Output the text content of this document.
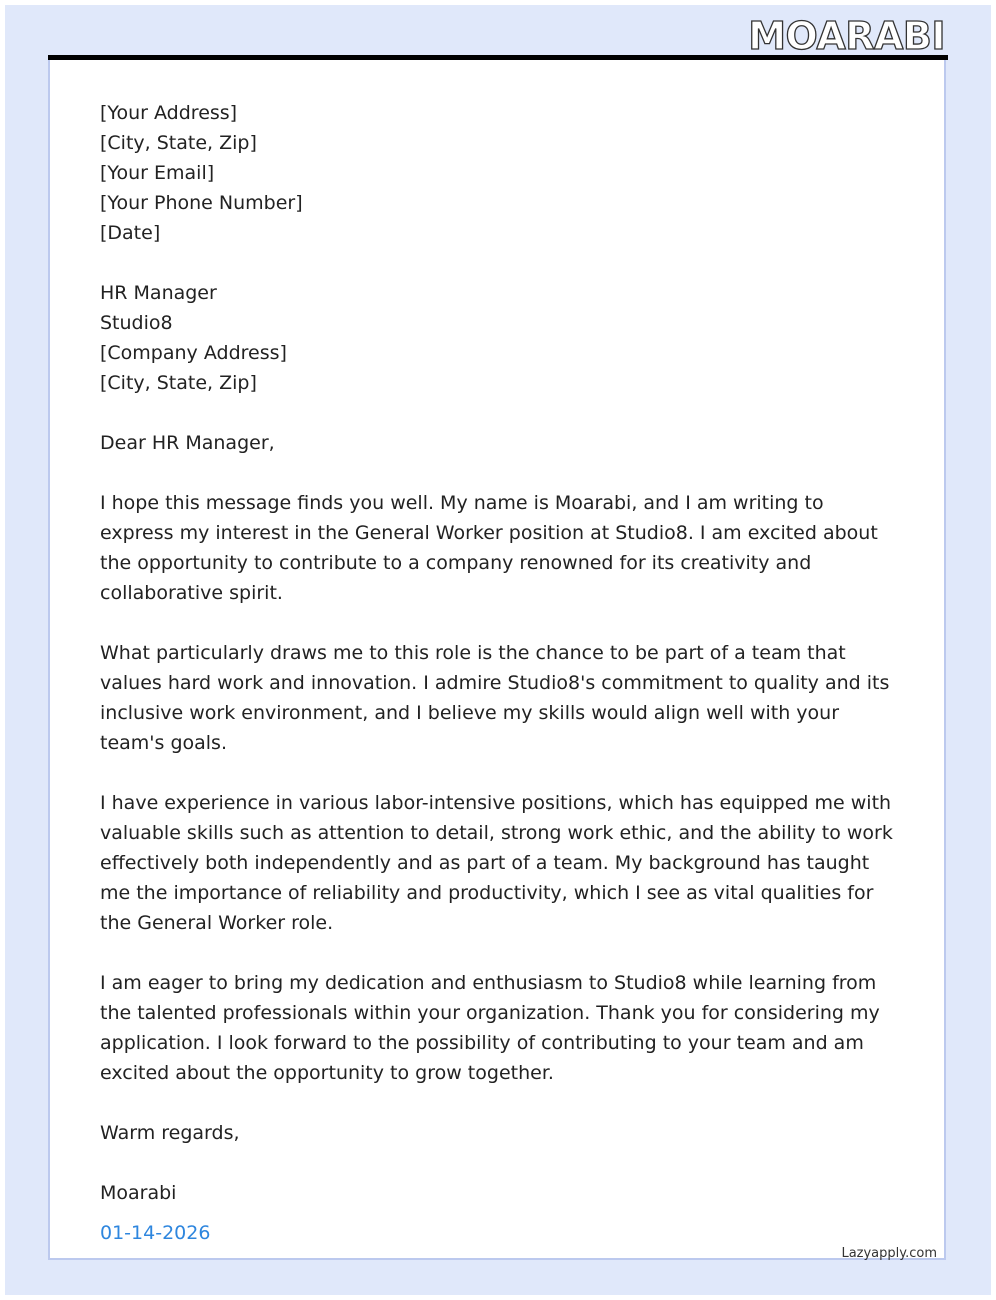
MOARABI

[Your Address]
[City, State, Zip]
[Your Email]
[Your Phone Number]
[Date]

HR Manager
Studio8
[Company Address]
[City, State, Zip]

Dear HR Manager,

I hope this message finds you well. My name is Moarabi, and I am writing to express my interest in the General Worker position at Studio8. I am excited about the opportunity to contribute to a company renowned for its creativity and collaborative spirit.

What particularly draws me to this role is the chance to be part of a team that values hard work and innovation. I admire Studio8's commitment to quality and its inclusive work environment, and I believe my skills would align well with your team's goals.

I have experience in various labor-intensive positions, which has equipped me with valuable skills such as attention to detail, strong work ethic, and the ability to work effectively both independently and as part of a team. My background has taught me the importance of reliability and productivity, which I see as vital qualities for the General Worker role.

I am eager to bring my dedication and enthusiasm to Studio8 while learning from the talented professionals within your organization. Thank you for considering my application. I look forward to the possibility of contributing to your team and am excited about the opportunity to grow together.

Warm regards,

Moarabi

01-14-2026

Lazyapply.com
